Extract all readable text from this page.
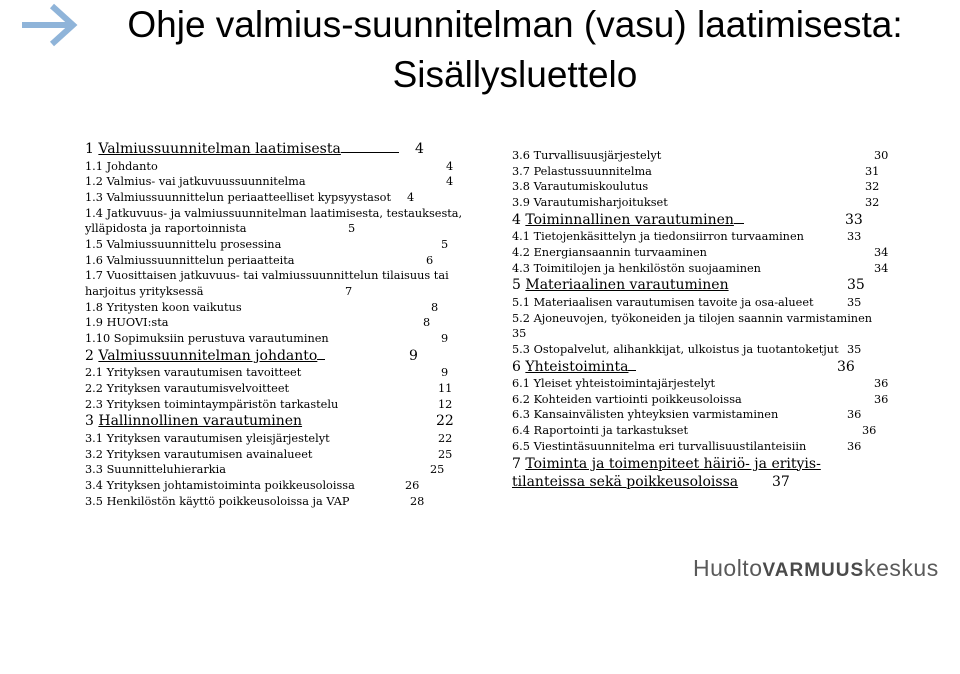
Ohje valmius-suunnitelman (vasu) laatimisesta: Sisällysluettelo
1 Valmiussuunnitelman laatimisesta	4
1.1 Johdanto	4
1.2 Valmius- vai jatkuvuussuunnitelma	4
1.3 Valmiussuunnittelun periaatteelliset kypsyystasot 4
1.4 Jatkuvuus- ja valmiussuunnitelman laatimisesta, testauksesta, ylläpidosta ja raportoinnista	5
1.5 Valmiussuunnittelu prosessina	5
1.6 Valmiussuunnittelun periaatteita	6
1.7 Vuosittaisen jatkuvuus- tai valmiussuunnittelun tilaisuus tai harjoitus yrityksessä	7
1.8 Yritysten koon vaikutus	8
1.9 HUOVI:sta	8
1.10 Sopimuksiin perustuva varautuminen	9
2 Valmiussuunnitelman johdanto	9
2.1 Yrityksen varautumisen tavoitteet	9
2.2 Yrityksen varautumisvelvoitteet	11
2.3 Yrityksen toimintaympäristön tarkastelu	12
3 Hallinnollinen varautuminen	22
3.1 Yrityksen varautumisen yleisjärjestelyt	22
3.2 Yrityksen varautumisen avainalueet	25
3.3 Suunnitteluhierarkia	25
3.4 Yrityksen johtamistoiminta poikkeusoloissa	26
3.5 Henkilöstön käyttö poikkeusoloissa ja VAP	28
3.6 Turvallisuusjärjestelyt	30
3.7 Pelastussuunnitelma	31
3.8 Varautumiskoulutus	32
3.9 Varautumisharjoitukset	32
4 Toiminnallinen varautuminen	33
4.1 Tietojenkäsittelyn ja tiedonsiirron turvaaminen	33
4.2 Energiansaannin turvaaminen	34
4.3 Toimitilojen ja henkilöstön suojaaminen	34
5 Materiaalinen varautuminen	35
5.1 Materiaalisen varautumisen tavoite ja osa-alueet	35
5.2 Ajoneuvojen, työkoneiden ja tilojen saannin varmistaminen
35
5.3 Ostopalvelut, alihankkijat, ulkoistus ja tuotantoketjut 35
6 Yhteistoiminta	36
6.1 Yleiset yhteistoimintajärjestelyt	36
6.2 Kohteiden vartiointi poikkeusoloissa	36
6.3 Kansainvälisten yhteyksien varmistaminen	36
6.4 Raportointi ja tarkastukset	36
6.5 Viestintäsuunnitelma eri turvallisuustilanteisiin	36
7 Toiminta ja toimenpiteet häiriö- ja erityis- tilanteissa sekä poikkeusoloissa 37
HuoltoVARMUUSkeskus
